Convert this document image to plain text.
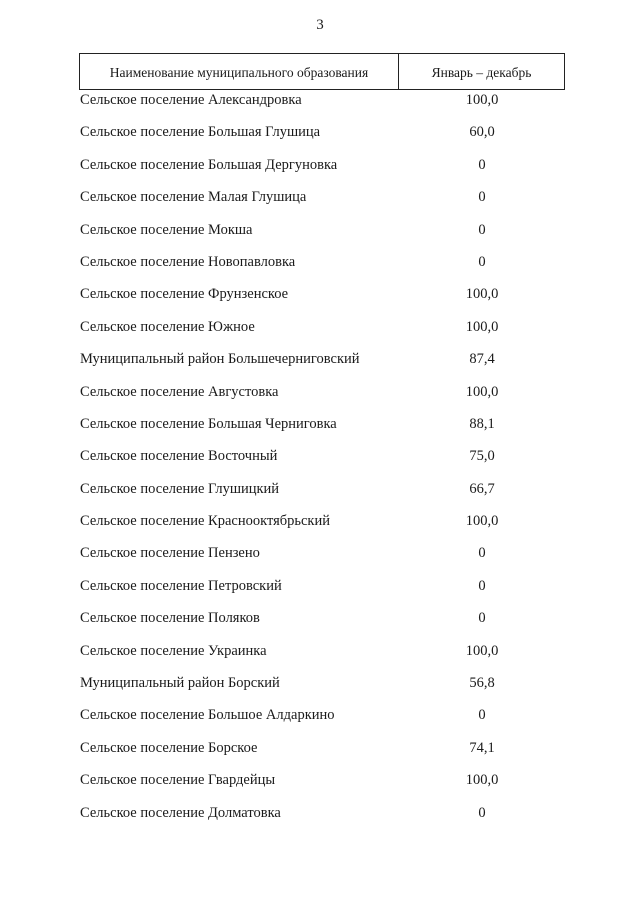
3
Наименование муниципального образования	Январь – декабрь
Сельское поселение Александровка	100,0
Сельское поселение Большая Глушица	60,0
Сельское поселение Большая Дергуновка	0
Сельское поселение Малая Глушица	0
Сельское поселение Мокша	0
Сельское поселение Новопавловка	0
Сельское поселение Фрунзенское	100,0
Сельское поселение Южное	100,0
Муниципальный район Большечерниговский	87,4
Сельское поселение Августовка	100,0
Сельское поселение Большая Черниговка	88,1
Сельское поселение Восточный	75,0
Сельское поселение Глушицкий	66,7
Сельское поселение Краснооктябрьский	100,0
Сельское поселение Пензено	0
Сельское поселение Петровский	0
Сельское поселение Поляков	0
Сельское поселение Украинка	100,0
Муниципальный район Борский	56,8
Сельское поселение Большое Алдаркино	0
Сельское поселение Борское	74,1
Сельское поселение Гвардейцы	100,0
Сельское поселение Долматовка	0
